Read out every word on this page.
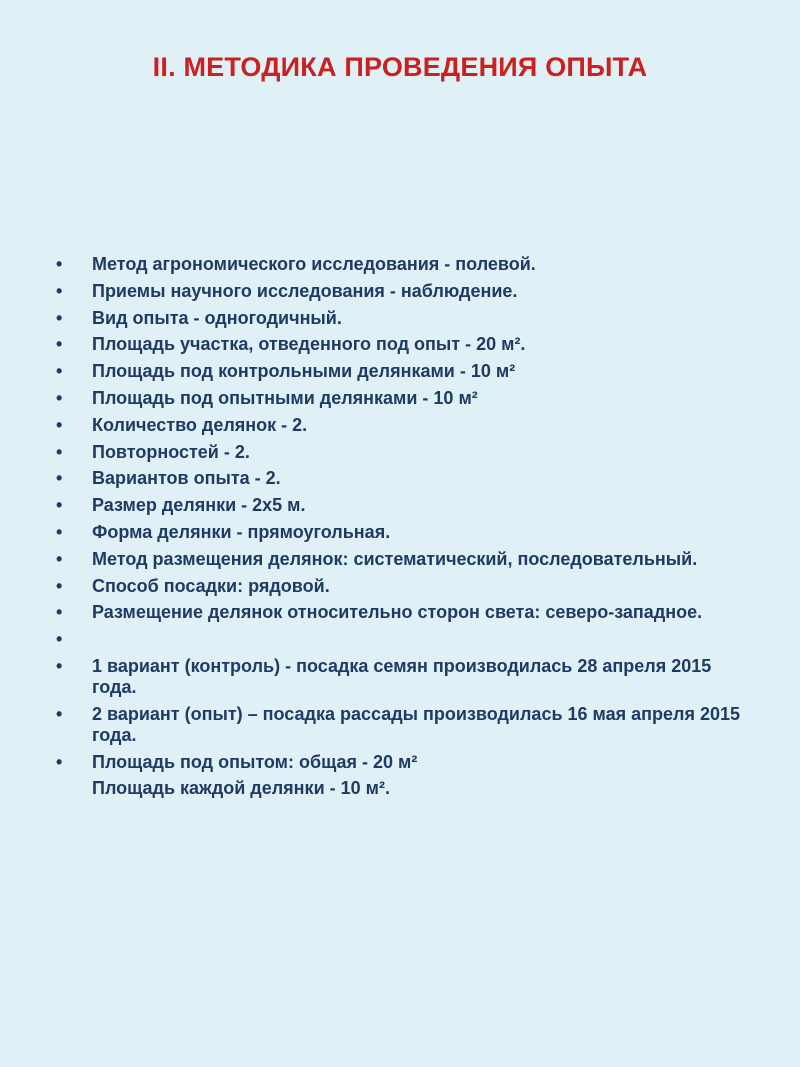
II. МЕТОДИКА ПРОВЕДЕНИЯ ОПЫТА
•	Метод агрономического исследования - полевой.
•	Приемы научного исследования - наблюдение.
•	Вид опыта - одногодичный.
•	Площадь участка, отведенного под опыт - 20 м².
•	Площадь под контрольными делянками - 10 м²
•	Площадь под опытными делянками - 10 м²
•	Количество делянок - 2.
•	Повторностей - 2.
•	Вариантов опыта - 2.
•	Размер делянки - 2х5 м.
•	Форма делянки - прямоугольная.
•	Метод размещения делянок: систематический, последовательный.
•	Способ посадки: рядовой.
•	Размещение делянок относительно сторон света: северо-западное.
•
•	1 вариант (контроль) - посадка семян производилась 28 апреля 2015 года.
•	2 вариант (опыт) – посадка рассады производилась 16 мая апреля 2015 года.
•	Площадь под опытом: общая - 20 м²
Площадь каждой делянки - 10 м².
